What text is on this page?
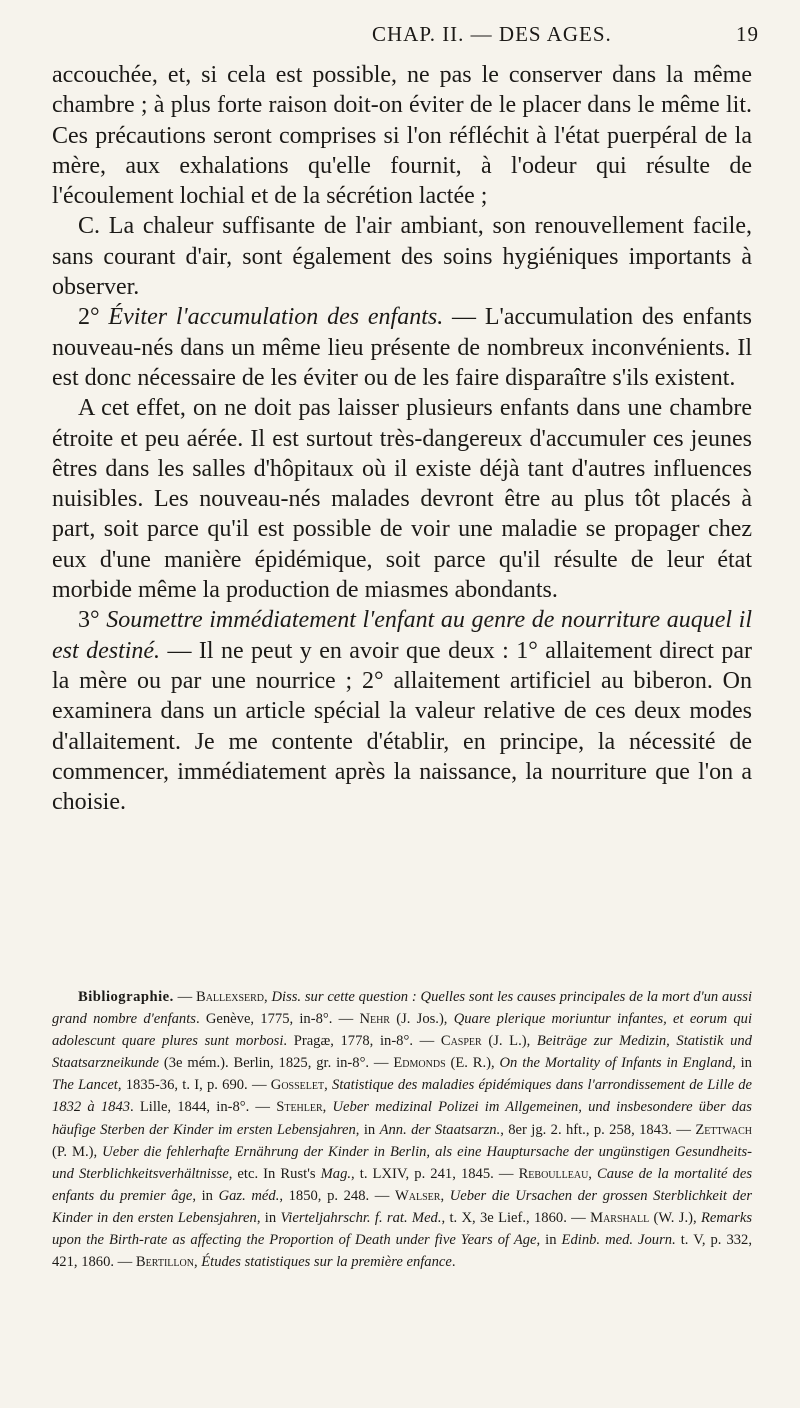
CHAP. II. — DES AGES.	19

accouchée, et, si cela est possible, ne pas le conserver dans la même chambre ; à plus forte raison doit-on éviter de le placer dans le même lit. Ces précautions seront comprises si l'on réfléchit à l'état puerpéral de la mère, aux exhalations qu'elle fournit, à l'odeur qui résulte de l'écoulement lochial et de la sécrétion lactée ;

C. La chaleur suffisante de l'air ambiant, son renouvellement facile, sans courant d'air, sont également des soins hygiéniques importants à observer.

2° Éviter l'accumulation des enfants. — L'accumulation des enfants nouveau-nés dans un même lieu présente de nombreux inconvénients. Il est donc nécessaire de les éviter ou de les faire disparaître s'ils existent.

A cet effet, on ne doit pas laisser plusieurs enfants dans une chambre étroite et peu aérée. Il est surtout très-dangereux d'accumuler ces jeunes êtres dans les salles d'hôpitaux où il existe déjà tant d'autres influences nuisibles. Les nouveau-nés malades devront être au plus tôt placés à part, soit parce qu'il est possible de voir une maladie se propager chez eux d'une manière épidémique, soit parce qu'il résulte de leur état morbide même la production de miasmes abondants.

3° Soumettre immédiatement l'enfant au genre de nourriture auquel il est destiné. — Il ne peut y en avoir que deux : 1° allaitement direct par la mère ou par une nourrice ; 2° allaitement artificiel au biberon. On examinera dans un article spécial la valeur relative de ces deux modes d'allaitement. Je me contente d'établir, en principe, la nécessité de commencer, immédiatement après la naissance, la nourriture que l'on a choisie.

Bibliographie. — Ballexserd, Diss. sur cette question : Quelles sont les causes principales de la mort d'un aussi grand nombre d'enfants. Genève, 1775, in-8°. — Nehr (J. Jos.), Quare plerique moriuntur infantes, et eorum qui adolescunt quare plures sunt morbosi. Pragæ, 1778, in-8°. — Casper (J. L.), Beiträge zur Medizin, Statistik und Staatsarzneikunde (3e mém.). Berlin, 1825, gr. in-8°. — Edmonds (E. R.), On the Mortality of Infants in England, in The Lancet, 1835-36, t. I, p. 690. — Gosselet, Statistique des maladies épidémiques dans l'arrondissement de Lille de 1832 à 1843. Lille, 1844, in-8°. — Stehler, Ueber medizinal Polizei im Allgemeinen, und insbesondere über das häufige Sterben der Kinder im ersten Lebensjahren, in Ann. der Staatsarzn., 8er jg. 2. hft., p. 258, 1843. — Zettwach (P. M.), Ueber die fehlerhafte Ernährung der Kinder in Berlin, als eine Hauptursache der ungünstigen Gesundheits-und Sterblichkeitsverhältnisse, etc. In Rust's Mag., t. LXIV, p. 241, 1845. — Reboulleau, Cause de la mortalité des enfants du premier âge, in Gaz. méd., 1850, p. 248. — Walser, Ueber die Ursachen der grossen Sterblichkeit der Kinder in den ersten Lebensjahren, in Vierteljahrschr. f. rat. Med., t. X, 3e Lief., 1860. — Marshall (W. J.), Remarks upon the Birth-rate as affecting the Proportion of Death under five Years of Age, in Edinb. med. Journ. t. V, p. 332, 421, 1860. — Bertillon, Études statistiques sur la première enfance.
